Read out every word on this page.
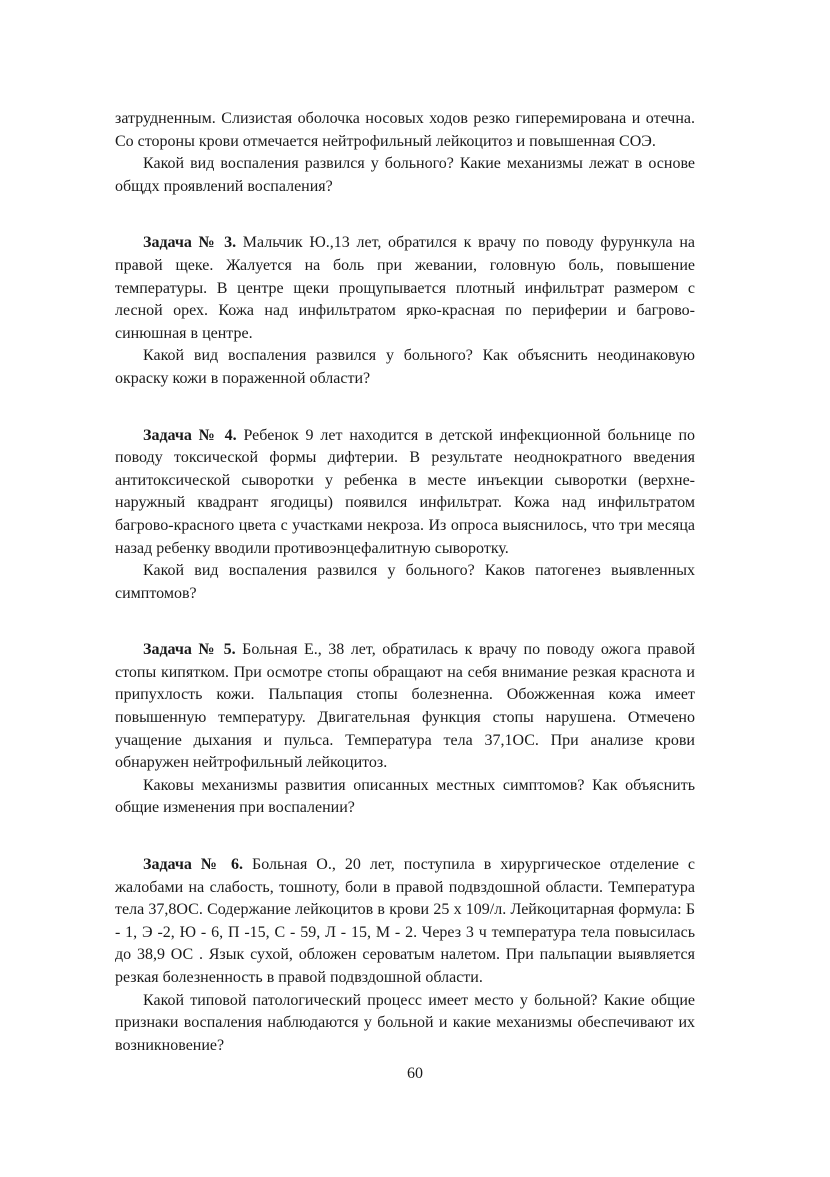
затрудненным. Слизистая оболочка носовых ходов резко гиперемирована и отечна. Со стороны крови отмечается нейтрофильный лейкоцитоз и повышенная СОЭ.

Какой вид воспаления развился у больного? Какие механизмы лежат в основе общдх проявлений воспаления?

Задача № 3. Мальчик Ю.,13 лет, обратился к врачу по поводу фурункула на правой щеке. Жалуется на боль при жевании, головную боль, повышение температуры. В центре щеки прощупывается плотный инфильтрат размером с лесной орех. Кожа над инфильтратом ярко-красная по периферии и багрово-синюшная в центре.

Какой вид воспаления развился у больного? Как объяснить неодинаковую окраску кожи в пораженной области?

Задача № 4. Ребенок 9 лет находится в детской инфекционной больнице по поводу токсической формы дифтерии. В результате неоднократного введения антитоксической сыворотки у ребенка в месте инъекции сыворотки (верхне-наружный квадрант ягодицы) появился инфильтрат. Кожа над инфильтратом багрово-красного цвета с участками некроза. Из опроса выяснилось, что три месяца назад ребенку вводили противоэнцефалитную сыворотку.

Какой вид воспаления развился у больного? Каков патогенез выявленных симптомов?

Задача № 5. Больная Е., 38 лет, обратилась к врачу по поводу ожога правой стопы кипятком. При осмотре стопы обращают на себя внимание резкая краснота и припухлость кожи. Пальпация стопы болезненна. Обожженная кожа имеет повышенную температуру. Двигательная функция стопы нарушена. Отмечено учащение дыхания и пульса. Температура тела 37,1ОС. При анализе крови обнаружен нейтрофильный лейкоцитоз.

Каковы механизмы развития описанных местных симптомов? Как объяснить общие изменения при воспалении?

Задача № 6. Больная О., 20 лет, поступила в хирургическое отделение с жалобами на слабость, тошноту, боли в правой подвздошной области. Температура тела 37,8ОС. Содержание лейкоцитов в крови 25 х 109/л. Лейкоцитарная формула: Б - 1, Э -2, Ю - 6, П -15, С - 59, Л - 15, М - 2. Через 3 ч температура тела повысилась до 38,9 ОС . Язык сухой, обложен сероватым налетом. При пальпации выявляется резкая болезненность в правой подвздошной области.

Какой типовой патологический процесс имеет место у больной? Какие общие признаки воспаления наблюдаются у больной и какие механизмы обеспечивают их возникновение?

60
